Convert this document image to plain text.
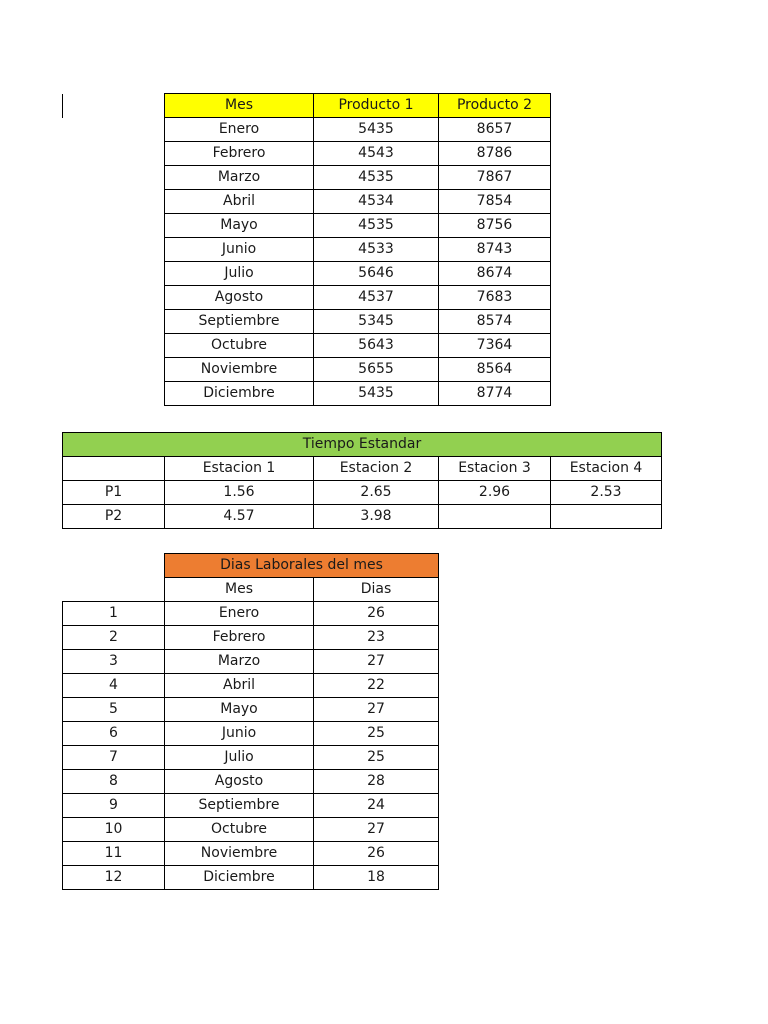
Mes	Producto 1	Producto 2
Enero	5435	8657
Febrero	4543	8786
Marzo	4535	7867
Abril	4534	7854
Mayo	4535	8756
Junio	4533	8743
Julio	5646	8674
Agosto	4537	7683
Septiembre	5345	8574
Octubre	5643	7364
Noviembre	5655	8564
Diciembre	5435	8774
Tiempo Estandar				
	Estacion 1	Estacion 2	Estacion 3	Estacion 4
P1	1.56	2.65	2.96	2.53
P2	4.57	3.98		
	Dias Laborales del mes	
	Mes	Dias
1	Enero	26
2	Febrero	23
3	Marzo	27
4	Abril	22
5	Mayo	27
6	Junio	25
7	Julio	25
8	Agosto	28
9	Septiembre	24
10	Octubre	27
11	Noviembre	26
12	Diciembre	18
